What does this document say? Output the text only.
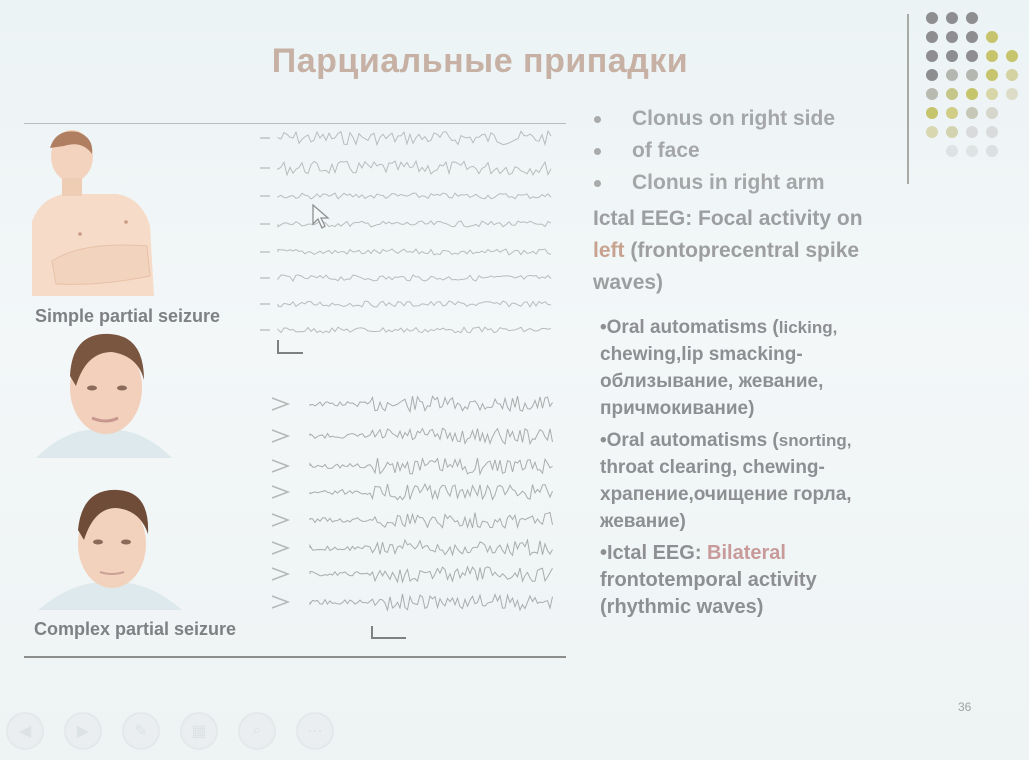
Парциальные припадки
Simple partial seizure
Complex partial seizure
Clonus on right side
of face
Clonus in right arm
Ictal EEG: Focal activity on
left (frontoprecentral spike waves)
•Oral automatisms (licking,
chewing,lip smacking-
облизывание, жевание,
причмокивание)
•Oral automatisms (snorting,
throat clearing, chewing-
храпение,очищение горла,
жевание)
•Ictal EEG: Bilateral
frontotemporal activity
(rhythmic waves)
36
◀	▶	✎	▦	⌕	⋯
